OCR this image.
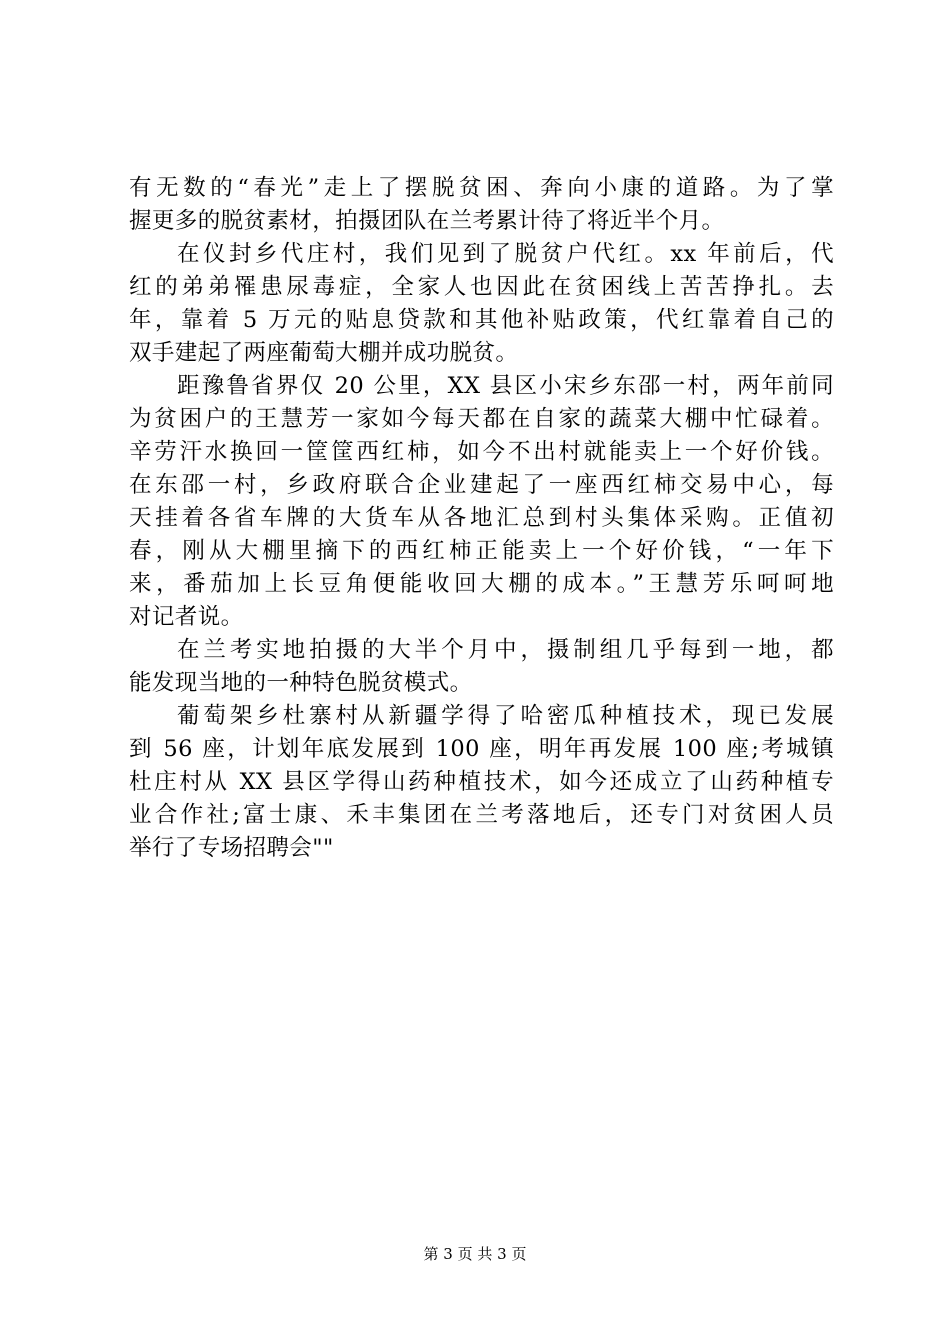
有无数的“春光”走上了摆脱贫困、奔向小康的道路。为了掌
握更多的脱贫素材，拍摄团队在兰考累计待了将近半个月。
在仪封乡代庄村，我们见到了脱贫户代红。xx 年前后，代
红的弟弟罹患尿毒症，全家人也因此在贫困线上苦苦挣扎。去
年，靠着 5 万元的贴息贷款和其他补贴政策，代红靠着自己的
双手建起了两座葡萄大棚并成功脱贫。
距豫鲁省界仅 20 公里，XX 县区小宋乡东邵一村，两年前同
为贫困户的王慧芳一家如今每天都在自家的蔬菜大棚中忙碌着。
辛劳汗水换回一筐筐西红柿，如今不出村就能卖上一个好价钱。
在东邵一村，乡政府联合企业建起了一座西红柿交易中心，每
天挂着各省车牌的大货车从各地汇总到村头集体采购。正值初
春，刚从大棚里摘下的西红柿正能卖上一个好价钱，“一年下
来，番茄加上长豆角便能收回大棚的成本。”王慧芳乐呵呵地
对记者说。
在兰考实地拍摄的大半个月中，摄制组几乎每到一地，都
能发现当地的一种特色脱贫模式。
葡萄架乡杜寨村从新疆学得了哈密瓜种植技术，现已发展
到 56 座，计划年底发展到 100 座，明年再发展 100 座;考城镇
杜庄村从 XX 县区学得山药种植技术，如今还成立了山药种植专
业合作社;富士康、禾丰集团在兰考落地后，还专门对贫困人员
举行了专场招聘会""
第 3 页 共 3 页
